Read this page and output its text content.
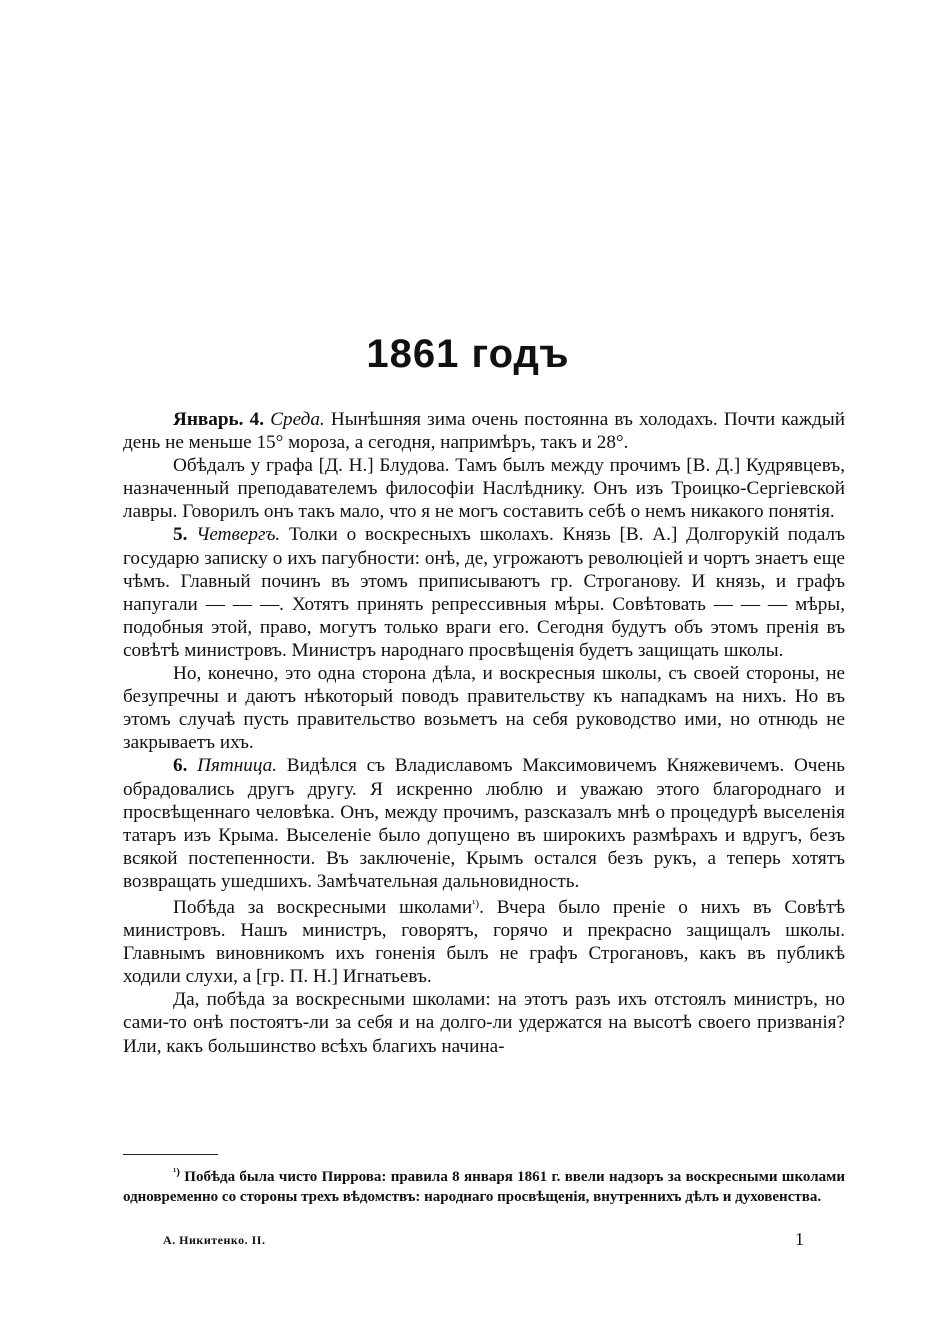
1861 годъ

Январь. 4. Среда. Нынѣшняя зима очень постоянна въ холодахъ. Почти каждый день не меньше 15° мороза, а сегодня, напримѣръ, такъ и 28°.

Обѣдалъ у графа [Д. Н.] Блудова. Тамъ былъ между прочимъ [В. Д.] Кудрявцевъ, назначенный преподавателемъ философіи Наслѣднику. Онъ изъ Троицко-Сергіевской лавры. Говорилъ онъ такъ мало, что я не могъ составить себѣ о немъ никакого понятія.

5. Четвергъ. Толки о воскресныхъ школахъ. Князь [В. А.] Долгорукій подалъ государю записку о ихъ пагубности: онѣ, де, угрожаютъ революціей и чортъ знаетъ еще чѣмъ. Главный починъ въ этомъ приписываютъ гр. Строганову. И князь, и графъ напугали — — —. Хотятъ принять репрессивныя мѣры. Совѣтовать — — — мѣры, подобныя этой, право, могутъ только враги его. Сегодня будутъ объ этомъ пренія въ совѣтѣ министровъ. Министръ народнаго просвѣщенія будетъ защищать школы.

Но, конечно, это одна сторона дѣла, и воскресныя школы, съ своей стороны, не безупречны и даютъ нѣкоторый поводъ правительству къ нападкамъ на нихъ. Но въ этомъ случаѣ пусть правительство возьметъ на себя руководство ими, но отнюдь не закрываетъ ихъ.

6. Пятница. Видѣлся съ Владиславомъ Максимовичемъ Княжевичемъ. Очень обрадовались другъ другу. Я искренно люблю и уважаю этого благороднаго и просвѣщеннаго человѣка. Онъ, между прочимъ, разсказалъ мнѣ о процедурѣ выселенія татаръ изъ Крыма. Выселеніе было допущено въ широкихъ размѣрахъ и вдругъ, безъ всякой постепенности. Въ заключеніе, Крымъ остался безъ рукъ, а теперь хотятъ возвращать ушедшихъ. Замѣчательная дальновидность.

Побѣда за воскресными школами$^{^1)}$. Вчера было преніе о нихъ въ Совѣтѣ министровъ. Нашъ министръ, говорятъ, горячо и прекрасно защищалъ школы. Главнымъ виновникомъ ихъ гоненія былъ не графъ Строгановъ, какъ въ публикѣ ходили слухи, а [гр. П. Н.] Игнатьевъ.

Да, побѣда за воскресными школами: на этотъ разъ ихъ отстоялъ министръ, но сами-то онѣ постоятъ-ли за себя и на долго-ли удержатся на высотѣ своего призванія? Или, какъ большинство всѣхъ благихъ начина-

$^{^1)}$ Побѣда была чисто Пиррова: правила 8 января 1861 г. ввели надзоръ за воскресными школами одновременно со стороны трехъ вѣдомствъ: народнаго просвѣщенія, внутреннихъ дѣлъ и духовенства.

А. Никитенко. II.	1
